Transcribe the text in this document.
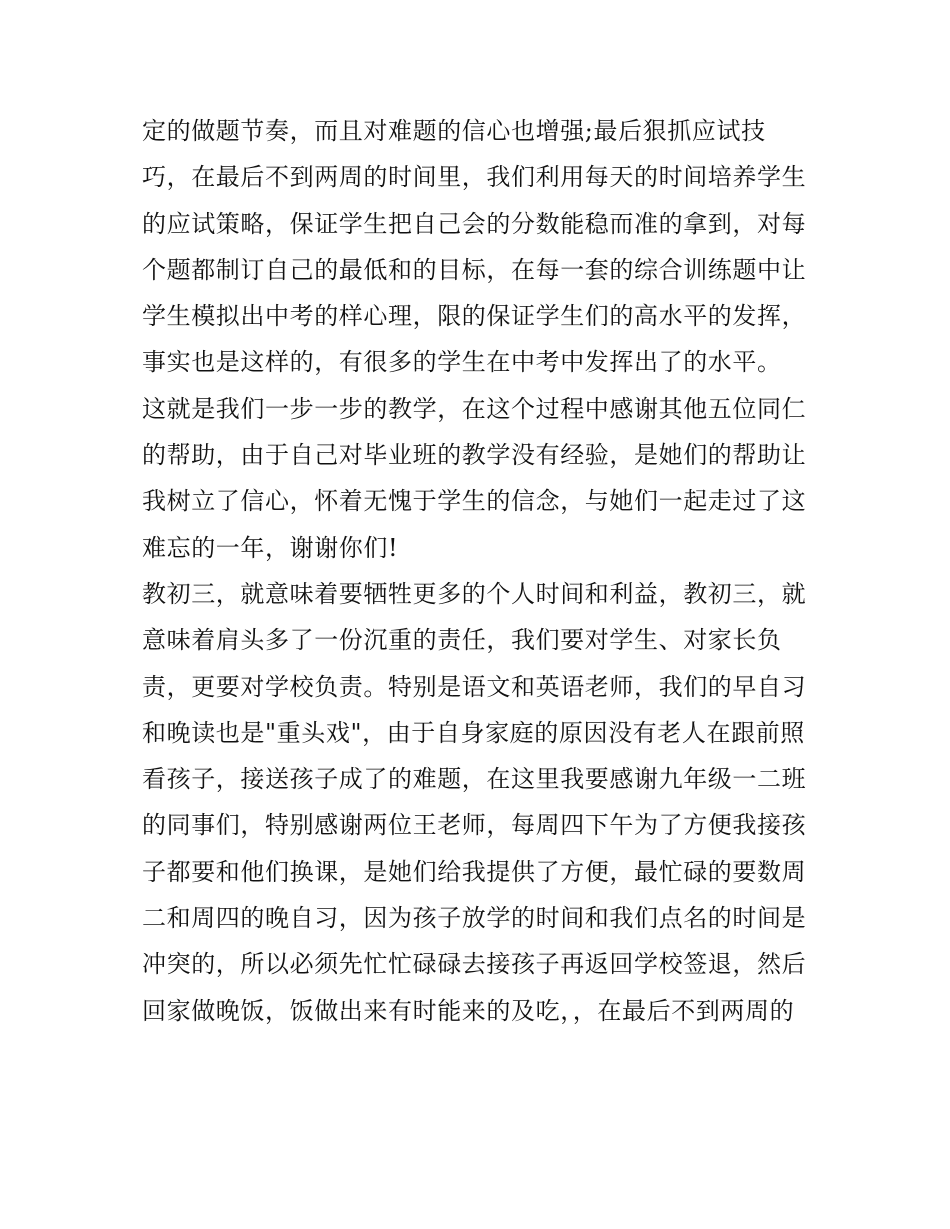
定的做题节奏，而且对难题的信心也增强;最后狠抓应试技
巧，在最后不到两周的时间里，我们利用每天的时间培养学生
的应试策略，保证学生把自己会的分数能稳而准的拿到，对每
个题都制订自己的最低和的目标，在每一套的综合训练题中让
学生模拟出中考的样心理，限的保证学生们的高水平的发挥，
事实也是这样的，有很多的学生在中考中发挥出了的水平。
这就是我们一步一步的教学，在这个过程中感谢其他五位同仁
的帮助，由于自己对毕业班的教学没有经验，是她们的帮助让
我树立了信心，怀着无愧于学生的信念，与她们一起走过了这
难忘的一年，谢谢你们!
教初三，就意味着要牺牲更多的个人时间和利益，教初三，就
意味着肩头多了一份沉重的责任，我们要对学生、对家长负
责，更要对学校负责。特别是语文和英语老师，我们的早自习
和晚读也是"重头戏"，由于自身家庭的原因没有老人在跟前照
看孩子，接送孩子成了的难题，在这里我要感谢九年级一二班
的同事们，特别感谢两位王老师，每周四下午为了方便我接孩
子都要和他们换课，是她们给我提供了方便，最忙碌的要数周
二和周四的晚自习，因为孩子放学的时间和我们点名的时间是
冲突的，所以必须先忙忙碌碌去接孩子再返回学校签退，然后
回家做晚饭，饭做出来有时能来的及吃，，在最后不到两周的
